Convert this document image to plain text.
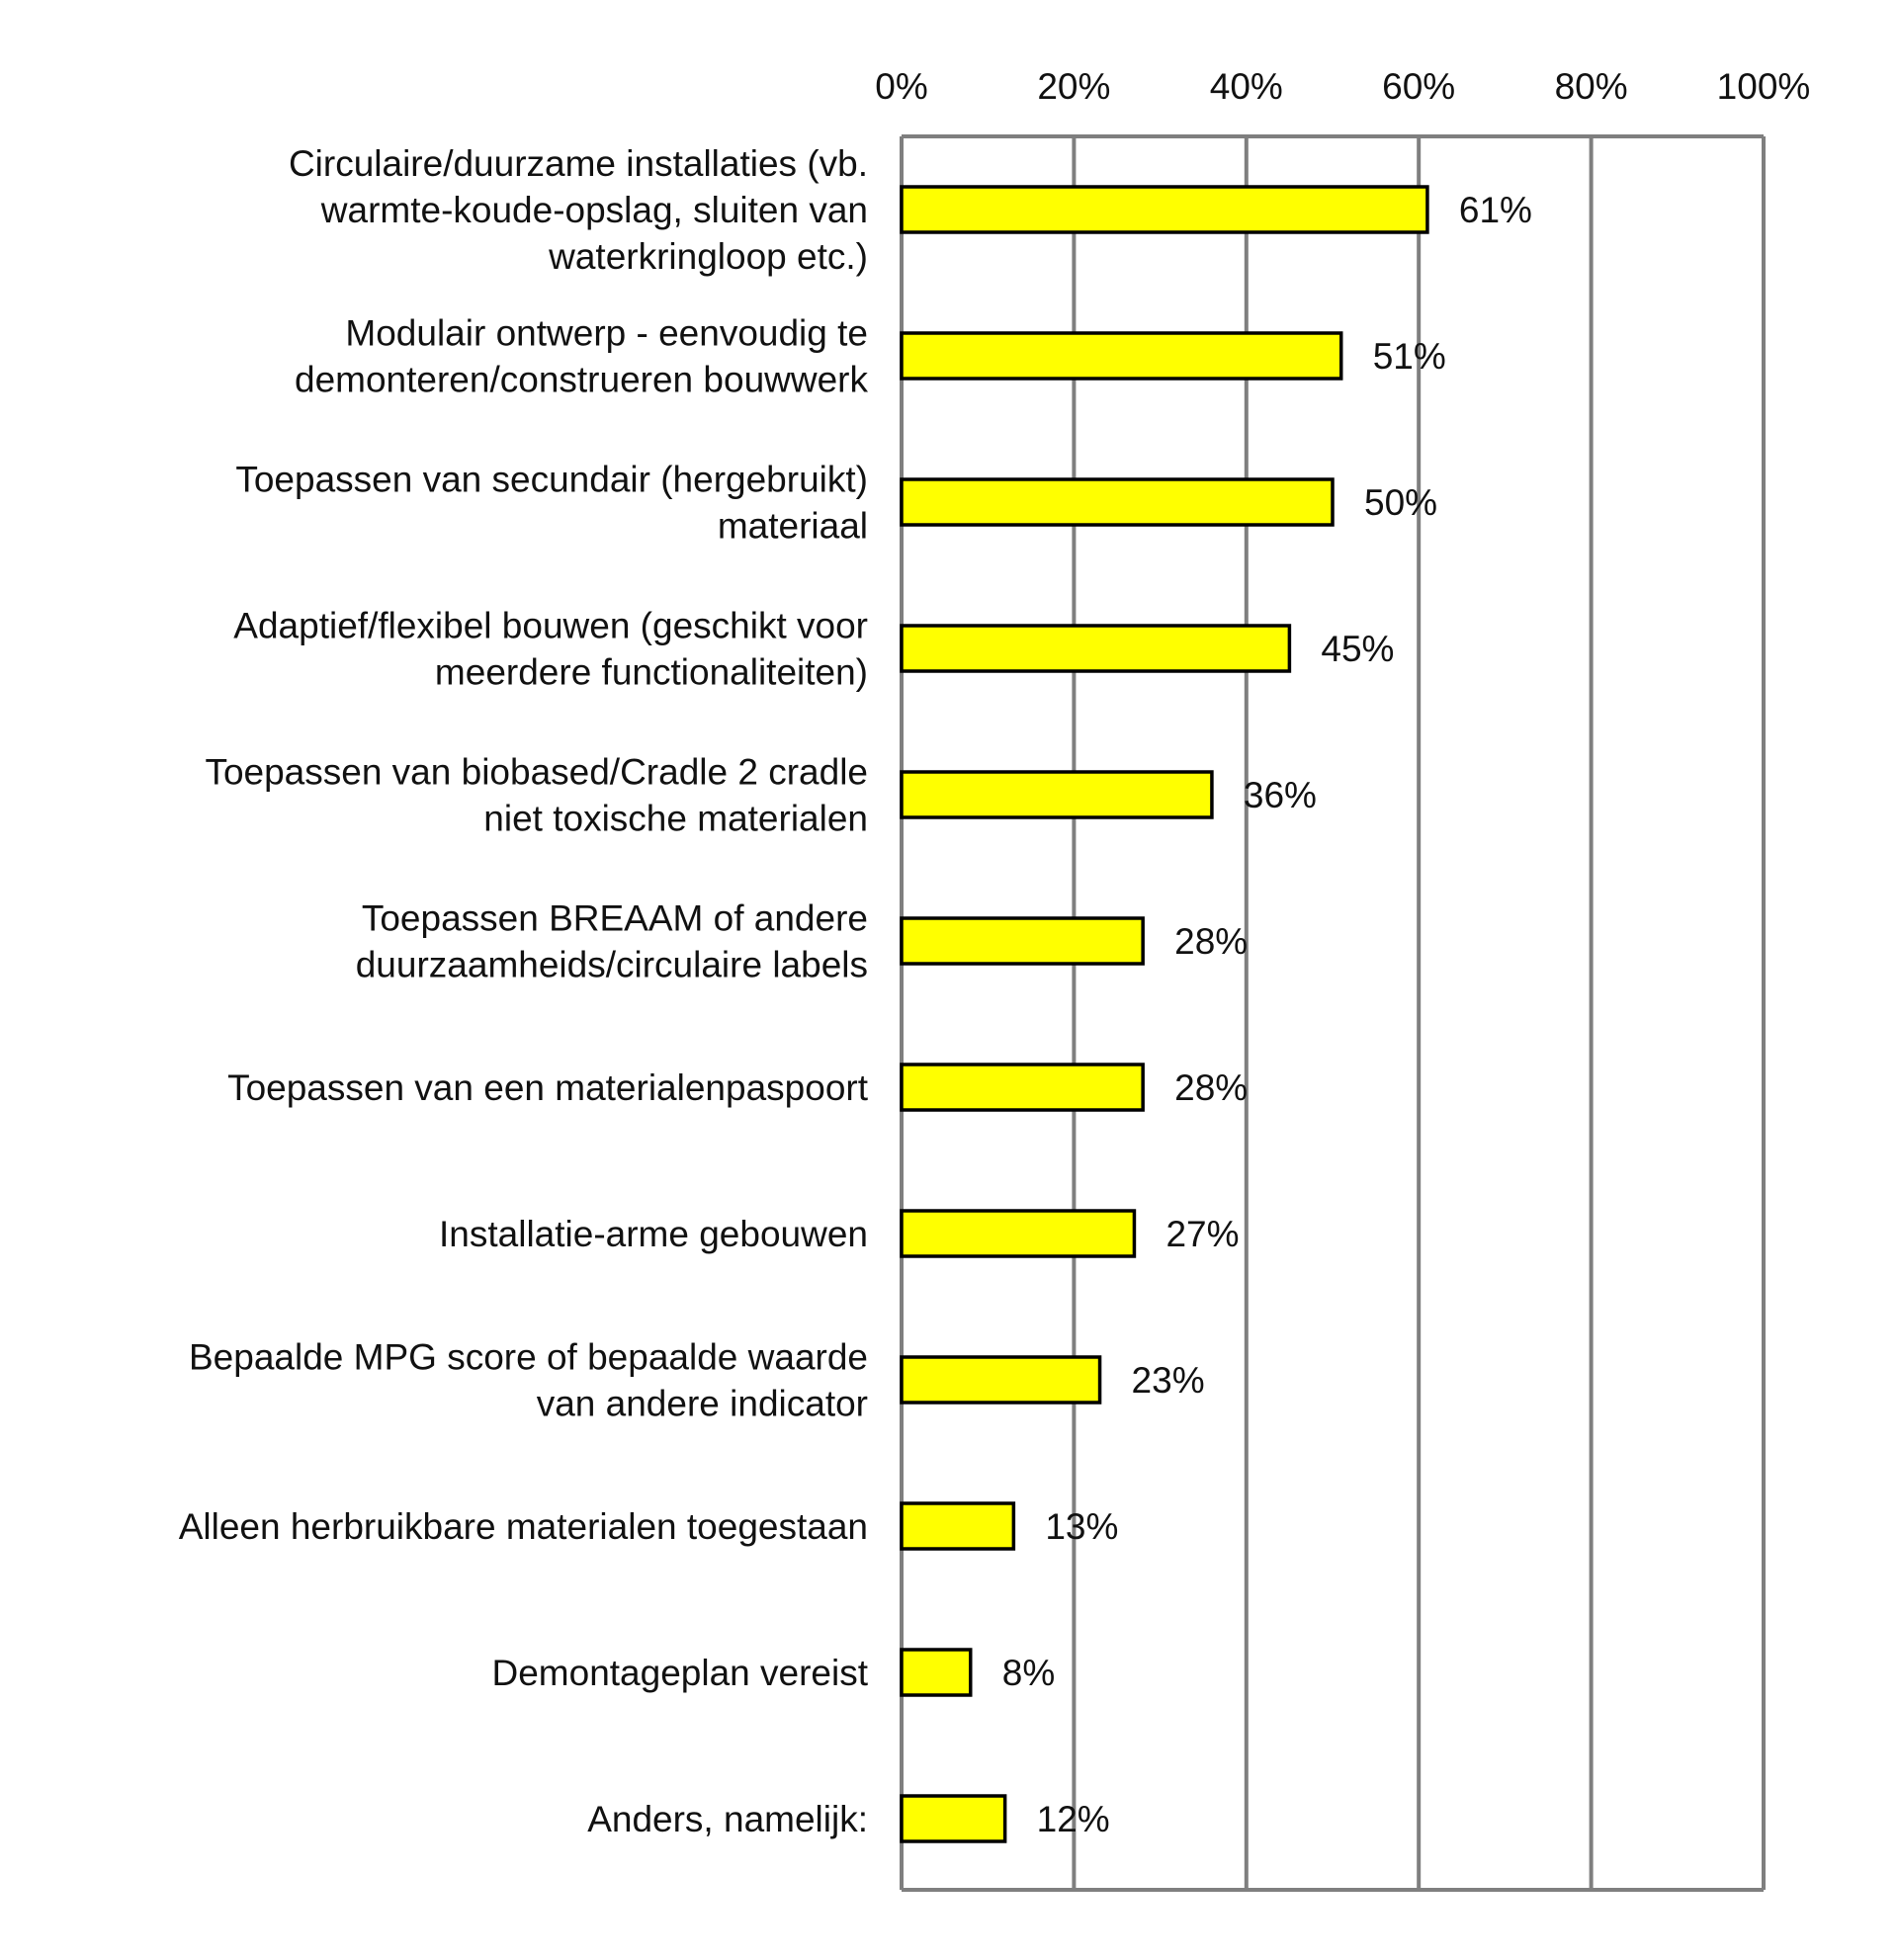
Circulaire/duurzame installaties (vb. warmte-koude-opslag, sluiten van waterkringloop etc.)
Modulair ontwerp - eenvoudig te demonteren/construeren bouwwerk
Toepassen van secundair (hergebruikt) materiaal
Adaptief/flexibel bouwen (geschikt voor meerdere functionaliteiten)
Toepassen van biobased/Cradle 2 cradle niet toxische materialen
Toepassen BREAAM of andere duurzaamheids/circulaire labels
Toepassen van een materialenpaspoort
Installatie-arme gebouwen
Bepaalde MPG score of bepaalde waarde van andere indicator
Alleen herbruikbare materialen toegestaan
Demontageplan vereist
Anders, namelijk:
61%
51%
50%
45%
36%
28%
28%
27%
23%
13%
8%
12%
0%	20%	40%	60%	80% 100%
